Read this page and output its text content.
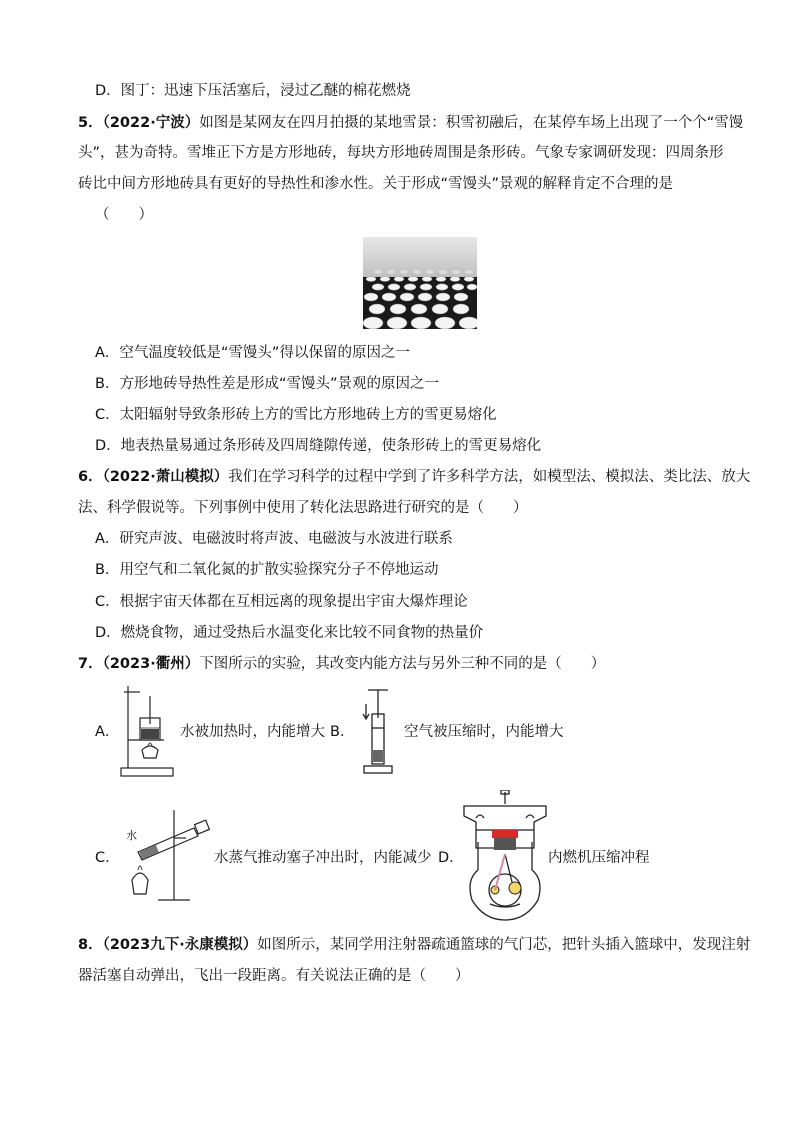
D．图丁：迅速下压活塞后，浸过乙醚的棉花燃烧
5．（2022·宁波）如图是某网友在四月拍摄的某地雪景：积雪初融后，在某停车场上出现了一个个“雪馒
头”，甚为奇特。雪堆正下方是方形地砖，每块方形地砖周围是条形砖。气象专家调研发现：四周条形
砖比中间方形地砖具有更好的导热性和渗水性。关于形成“雪馒头”景观的解释肯定不合理的是
（　　）
A．空气温度较低是“雪馒头”得以保留的原因之一
B．方形地砖导热性差是形成“雪馒头”景观的原因之一
C．太阳辐射导致条形砖上方的雪比方形地砖上方的雪更易熔化
D．地表热量易通过条形砖及四周缝隙传递，使条形砖上的雪更易熔化
6．（2022·萧山模拟）我们在学习科学的过程中学到了许多科学方法，如模型法、模拟法、类比法、放大
法、科学假说等。下列事例中使用了转化法思路进行研究的是（　　）
A．研究声波、电磁波时将声波、电磁波与水波进行联系
B．用空气和二氧化氮的扩散实验探究分子不停地运动
C．根据宇宙天体都在互相远离的现象提出宇宙大爆炸理论
D．燃烧食物，通过受热后水温变化来比较不同食物的热量价
7．（2023·衢州）下图所示的实验，其改变内能方法与另外三种不同的是（　　）
A．	水被加热时，内能增大 B．	空气被压缩时，内能增大
C．
水
水蒸气推动塞子冲出时，内能减少 D．	内燃机压缩冲程
8．（2023九下·永康模拟）如图所示，某同学用注射器疏通篮球的气门芯，把针头插入篮球中，发现注射
器活塞自动弹出，飞出一段距离。有关说法正确的是（　　）
